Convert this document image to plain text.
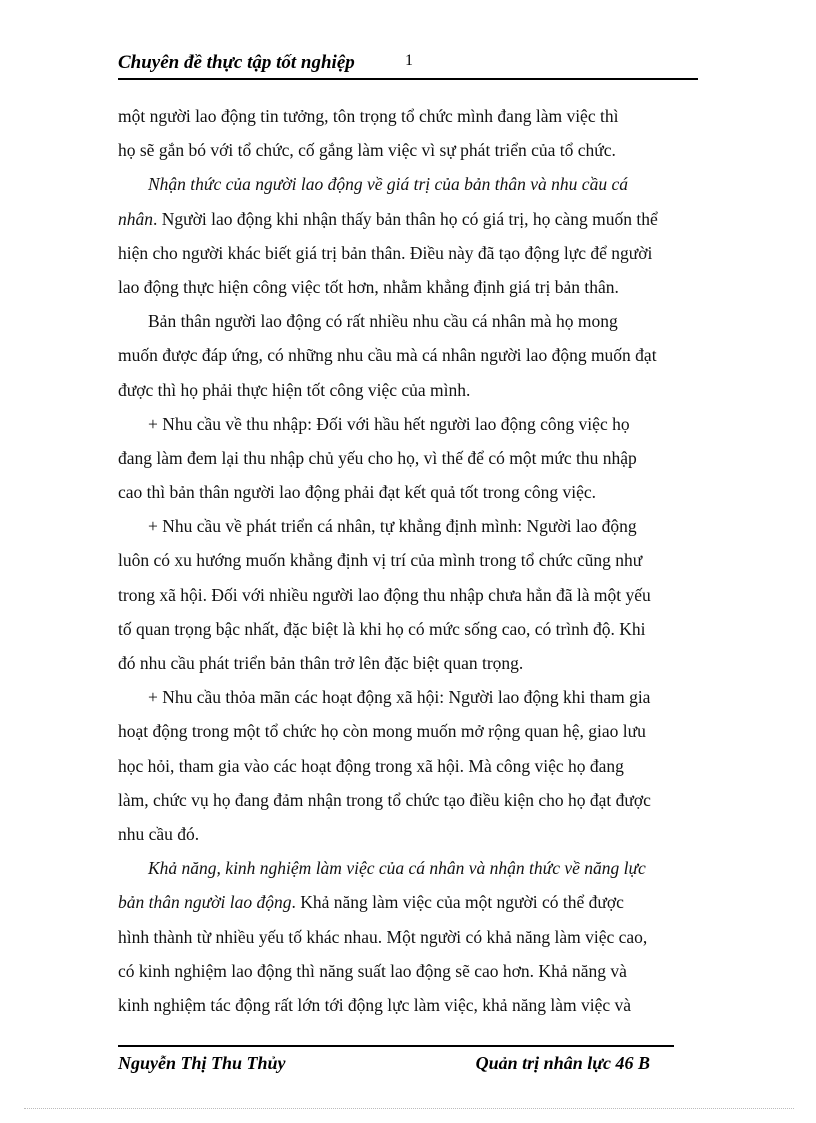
Chuyên đề thực tập tốt nghiệp	1
một người lao động tin tưởng, tôn trọng tổ chức mình đang làm việc thì
họ sẽ gắn bó với tổ chức, cố gắng làm việc vì sự phát triển của tổ chức.
Nhận thức của người lao động về giá trị của bản thân và nhu cầu cá
nhân. Người lao động khi nhận thấy bản thân họ có giá trị, họ càng muốn thể
hiện cho người khác biết giá trị bản thân. Điều này đã tạo động lực để người
lao động thực hiện công việc tốt hơn, nhằm khẳng định giá trị bản thân.
Bản thân người lao động có rất nhiều nhu cầu cá nhân mà họ mong
muốn được đáp ứng, có những nhu cầu mà cá nhân người lao động muốn đạt
được thì họ phải thực hiện tốt công việc của mình.
+ Nhu cầu về thu nhập: Đối với hầu hết người lao động công việc họ
đang làm đem lại thu nhập chủ yếu cho họ, vì thế để có một mức thu nhập
cao thì bản thân người lao động phải đạt kết quả tốt trong công việc.
+ Nhu cầu về phát triển cá nhân, tự khẳng định mình: Người lao động
luôn có xu hướng muốn khẳng định vị trí của mình trong tổ chức cũng như
trong xã hội. Đối với nhiều người lao động thu nhập chưa hẳn đã là một yếu
tố quan trọng bậc nhất, đặc biệt là khi họ có mức sống cao, có trình độ. Khi
đó nhu cầu phát triển bản thân trở lên đặc biệt quan trọng.
+ Nhu cầu thỏa mãn các hoạt động xã hội: Người lao động khi tham gia
hoạt động trong một tổ chức họ còn mong muốn mở rộng quan hệ, giao lưu
học hỏi, tham gia vào các hoạt động trong xã hội. Mà công việc họ đang
làm, chức vụ họ đang đảm nhận trong tổ chức tạo điều kiện cho họ đạt được
nhu cầu đó.
Khả năng, kinh nghiệm làm việc của cá nhân và nhận thức về năng lực
bản thân người lao động. Khả năng làm việc của một người có thể được
hình thành từ nhiều yếu tố khác nhau. Một người có khả năng làm việc cao,
có kinh nghiệm lao động thì năng suất lao động sẽ cao hơn. Khả năng và
kinh nghiệm tác động rất lớn tới động lực làm việc, khả năng làm việc và
Nguyễn Thị Thu Thủy	Quản trị nhân lực 46 B
